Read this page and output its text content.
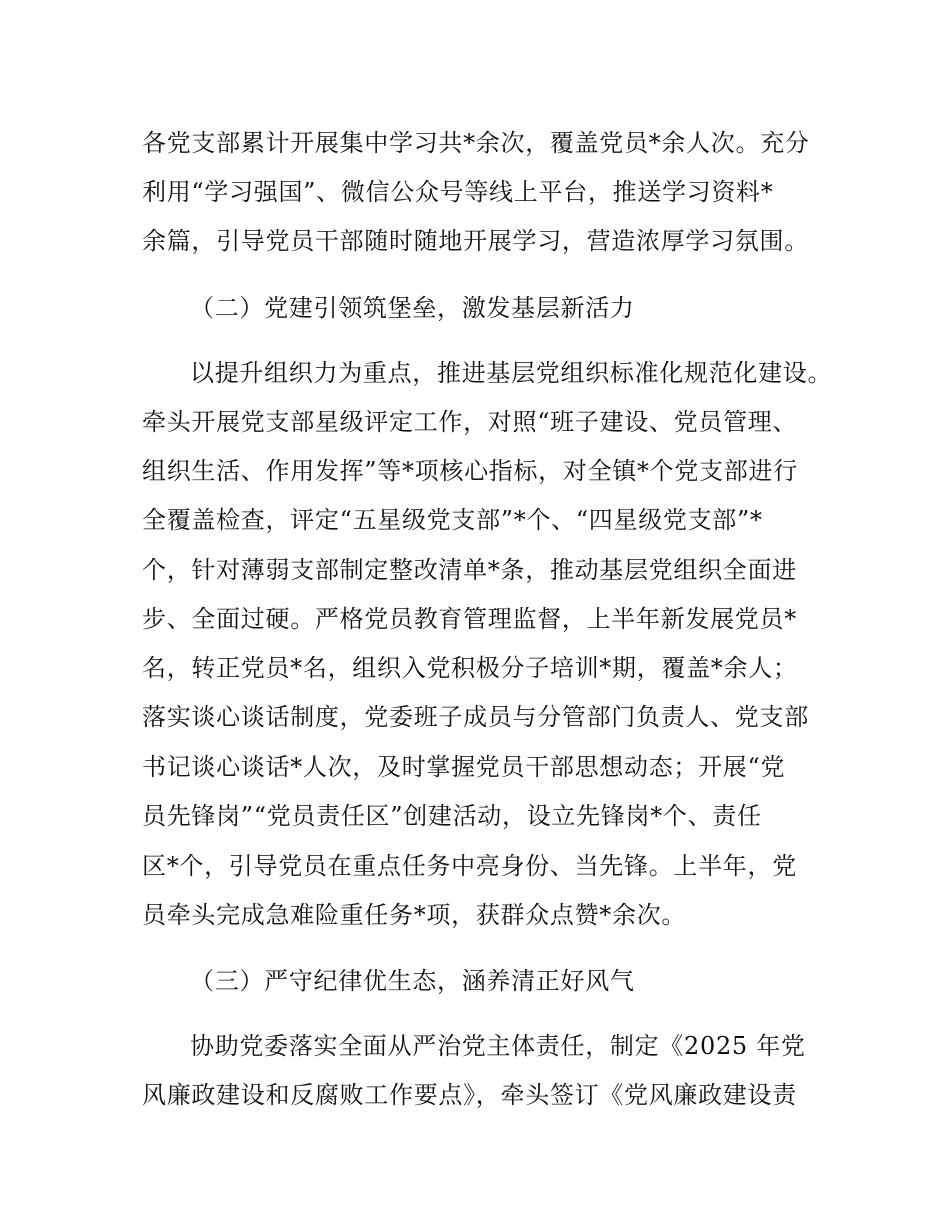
各党支部累计开展集中学习共*余次，覆盖党员*余人次。充分
利用“学习强国”、微信公众号等线上平台，推送学习资料*
余篇，引导党员干部随时随地开展学习，营造浓厚学习氛围。
（二）党建引领筑堡垒，激发基层新活力
以提升组织力为重点，推进基层党组织标准化规范化建设。
牵头开展党支部星级评定工作，对照“班子建设、党员管理、
组织生活、作用发挥”等*项核心指标，对全镇*个党支部进行
全覆盖检查，评定“五星级党支部”*个、“四星级党支部”*
个，针对薄弱支部制定整改清单*条，推动基层党组织全面进
步、全面过硬。严格党员教育管理监督，上半年新发展党员*
名，转正党员*名，组织入党积极分子培训*期，覆盖*余人；
落实谈心谈话制度，党委班子成员与分管部门负责人、党支部
书记谈心谈话*人次，及时掌握党员干部思想动态；开展“党
员先锋岗”“党员责任区”创建活动，设立先锋岗*个、责任
区*个，引导党员在重点任务中亮身份、当先锋。上半年，党
员牵头完成急难险重任务*项，获群众点赞*余次。
（三）严守纪律优生态，涵养清正好风气
协助党委落实全面从严治党主体责任，制定《2025 年党
风廉政建设和反腐败工作要点》，牵头签订《党风廉政建设责
